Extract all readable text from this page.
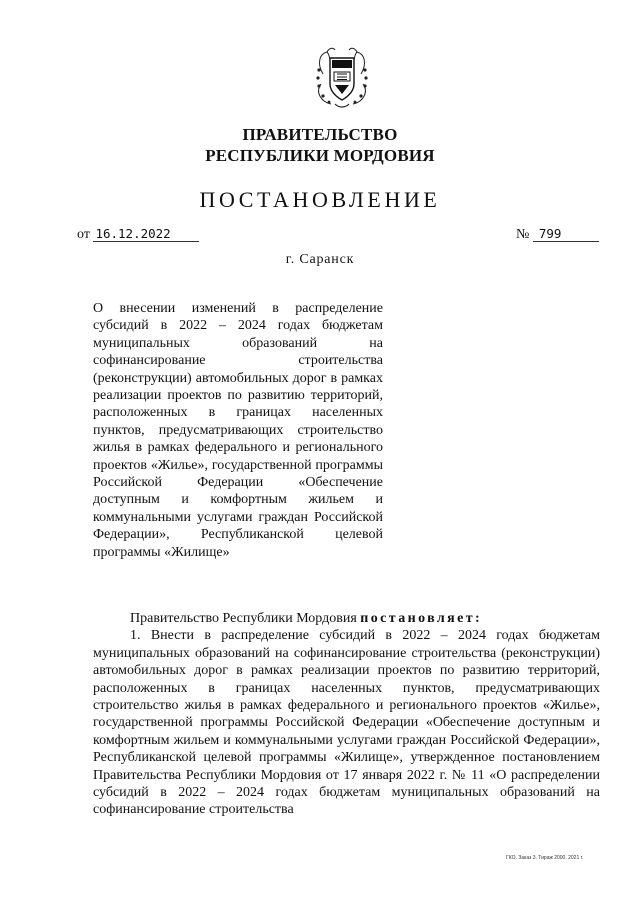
ПРАВИТЕЛЬСТВО
РЕСПУБЛИКИ МОРДОВИЯ
ПОСТАНОВЛЕНИЕ
от 16.12.2022	№ 799
г. Саранск
О внесении изменений в распределение субсидий в 2022 – 2024 годах бюджетам муниципальных образований на софинансирование строительства (реконструкции) автомобильных дорог в рамках реализации проектов по развитию территорий, расположенных в границах населенных пунктов, предусматривающих строительство жилья в рамках федерального и регионального проектов «Жилье», государственной программы Российской Федерации «Обеспечение доступным и комфортным жильем и коммунальными услугами граждан Российской Федерации», Республиканской целевой программы «Жилище»

Правительство Республики Мордовия постановляет:

1. Внести в распределение субсидий в 2022 – 2024 годах бюджетам муниципальных образований на софинансирование строительства (реконструкции) автомобильных дорог в рамках реализации проектов по развитию территорий, расположенных в границах населенных пунктов, предусматривающих строительство жилья в рамках федерального и регионального проектов «Жилье», государственной программы Российской Федерации «Обеспечение доступным и комфортным жильем и коммунальными услугами граждан Российской Федерации», Республиканской целевой программы «Жилище», утвержденное постановлением Правительства Республики Мордовия от 17 января 2022 г. № 11 «О распределении субсидий в 2022 – 2024 годах бюджетам муниципальных образований на софинансирование строительства

ГКО. Заказ 3. Тираж 2000. 2021 г.
